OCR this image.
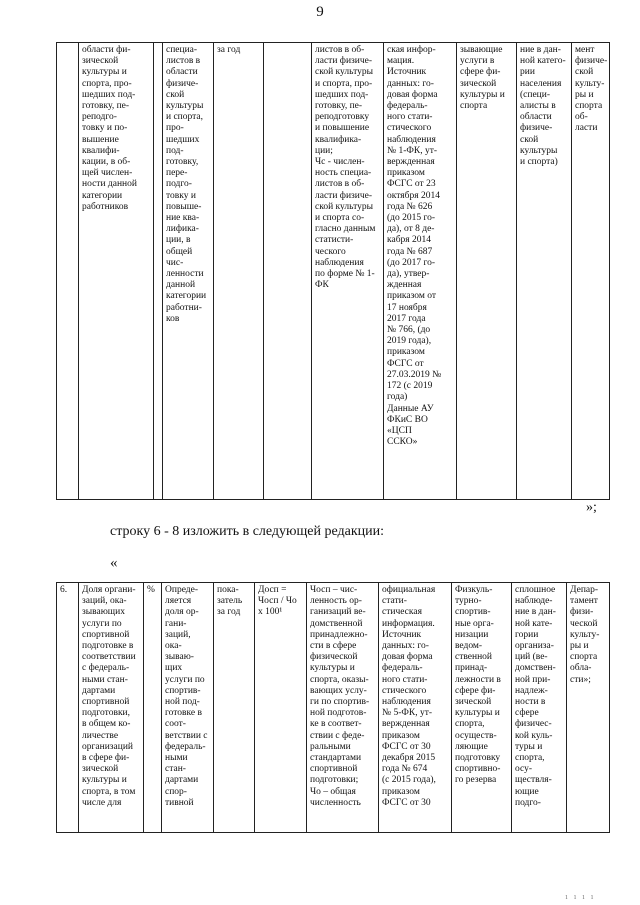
9
	области фи-
зической
культуры и
спорта, про-
шедших под-
готовку, пе-
реподго-
товку и по-
вышение
квалифи-
кации, в об-
щей числен-
ности данной
категории
работников		специа-
листов в
области
физиче-
ской
культуры
и спорта,
про-
шедших
под-
готовку,
пере-
подго-
товку и
повыше-
ние ква-
лифика-
ции, в
общей
чис-
ленности
данной
категории
работни-
ков	за год		листов в об-
ласти физиче-
ской культуры
и спорта, про-
шедших под-
готовку, пе-
реподготовку
и повышение
квалифика-
ции;
Чс - числен-
ность специа-
листов в об-
ласти физиче-
ской культуры
и спорта со-
гласно данным
статисти-
ческого
наблюдения
по форме № 1-
ФК	ская инфор-
мация.
Источник
данных: го-
довая форма
федераль-
ного стати-
стического
наблюдения
№ 1-ФК, ут-
вержденная
приказом
ФСГС от 23
октября 2014
года № 626
(до 2015 го-
да), от 8 де-
кабря 2014
года № 687
(до 2017 го-
да), утвер-
жденная
приказом от
17 ноября
2017 года
№ 766, (до
2019 года),
приказом
ФСГС от
27.03.2019 №
172 (с 2019
года)
Данные АУ
ФКиС ВО
«ЦСП
ССКО»	зывающие
услуги в
сфере фи-
зической
культуры и
спорта	ние в дан-
ной катего-
рии
населения
(специ-
алисты в
области
физиче-
ской
культуры
и спорта)	мент
физиче-
ской
культу-
ры и
спорта
об-
ласти
»;
строку 6 - 8 изложить в следующей редакции:
«
6.	Доля органи-
заций, ока-
зывающих
услуги по
спортивной
подготовке в
соответствии
с федераль-
ными стан-
дартами
спортивной
подготовки,
в общем ко-
личестве
организаций
в сфере фи-
зической
культуры и
спорта, в том
числе для	%	Опреде-
ляется
доля ор-
гани-
заций,
ока-
зываю-
щих
услуги по
спортив-
ной под-
готовке в
соот-
ветствии с
федераль-
ными
стан-
дартами
спор-
тивной	пока-
затель
за год	Досп =
Чосп / Чо
x 100¹	Чосп – чис-
ленность ор-
ганизаций ве-
домственной
принадлежно-
сти в сфере
физической
культуры и
спорта, оказы-
вающих услу-
ги по спортив-
ной подготов-
ке в соответ-
ствии с феде-
ральными
стандартами
спортивной
подготовки;
Чо – общая
численность	официальная
стати-
стическая
информация.
Источник
данных: го-
довая форма
федераль-
ного стати-
стического
наблюдения
№ 5-ФК, ут-
вержденная
приказом
ФСГС от 30
декабря 2015
года № 674
(с 2015 года),
приказом
ФСГС от 30	Физкуль-
турно-
спортив-
ные орга-
низации
ведом-
ственной
принад-
лежности в
сфере фи-
зической
культуры и
спорта,
осуществ-
ляющие
подготовку
спортивно-
го резерва	сплошное
наблюде-
ние в дан-
ной кате-
гории
организа-
ций (ве-
домствен-
ной при-
надлеж-
ности в
сфере
физичес-
кой куль-
туры и
спорта,
осу-
ществля-
ющие
подго-	Депар-
тамент
физи-
ческой
культу-
ры и
спорта
обла-
сти»;
1 1 1 1
